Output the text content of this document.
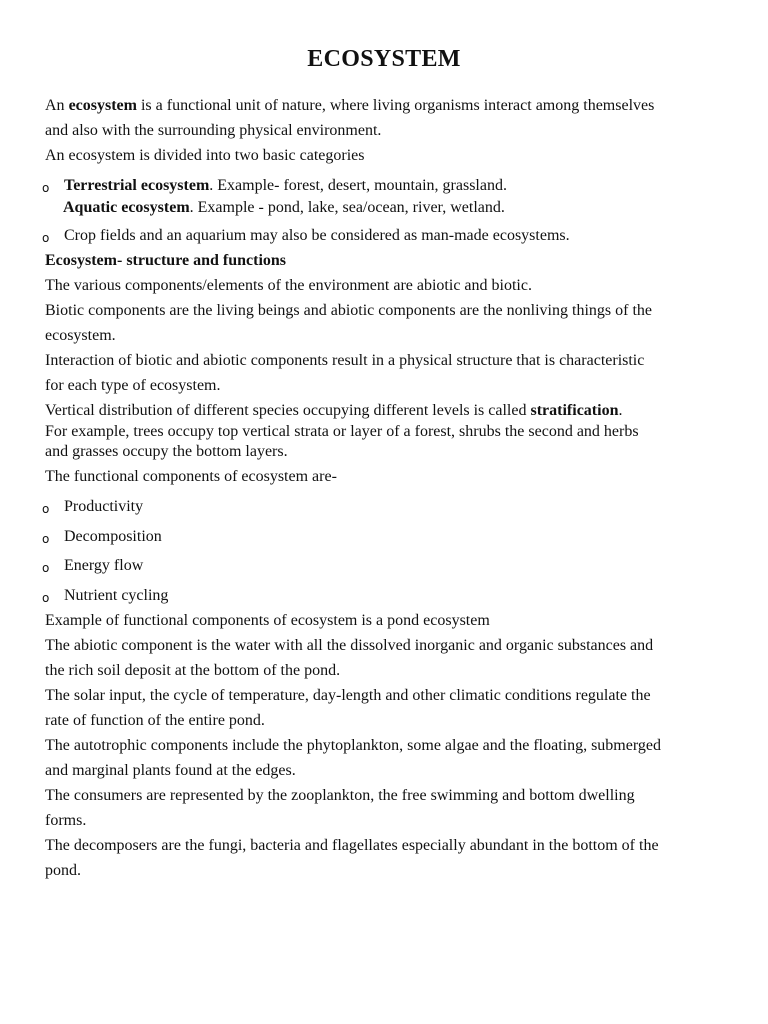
ECOSYSTEM

An ecosystem is a functional unit of nature, where living organisms interact among themselves

and also with the surrounding physical environment.

An ecosystem is divided into two basic categories

o Terrestrial ecosystem. Example- forest, desert, mountain, grassland.

Aquatic ecosystem. Example - pond, lake, sea/ocean, river, wetland.

o Crop fields and an aquarium may also be considered as man-made ecosystems.

Ecosystem- structure and functions

The various components/elements of the environment are abiotic and biotic.

Biotic components are the living beings and abiotic components are the nonliving things of the

ecosystem.

Interaction of biotic and abiotic components result in a physical structure that is characteristic

for each type of ecosystem.

Vertical distribution of different species occupying different levels is called stratification.

For example, trees occupy top vertical strata or layer of a forest, shrubs the second and herbs

and grasses occupy the bottom layers.

The functional components of ecosystem are-

o Productivity

o Decomposition

o Energy flow

o Nutrient cycling

Example of functional components of ecosystem is a pond ecosystem

The abiotic component is the water with all the dissolved inorganic and organic substances and

the rich soil deposit at the bottom of the pond.

The solar input, the cycle of temperature, day-length and other climatic conditions regulate the

rate of function of the entire pond.

The autotrophic components include the phytoplankton, some algae and the floating, submerged

and marginal plants found at the edges.

The consumers are represented by the zooplankton, the free swimming and bottom dwelling

forms.

The decomposers are the fungi, bacteria and flagellates especially abundant in the bottom of the

pond.
